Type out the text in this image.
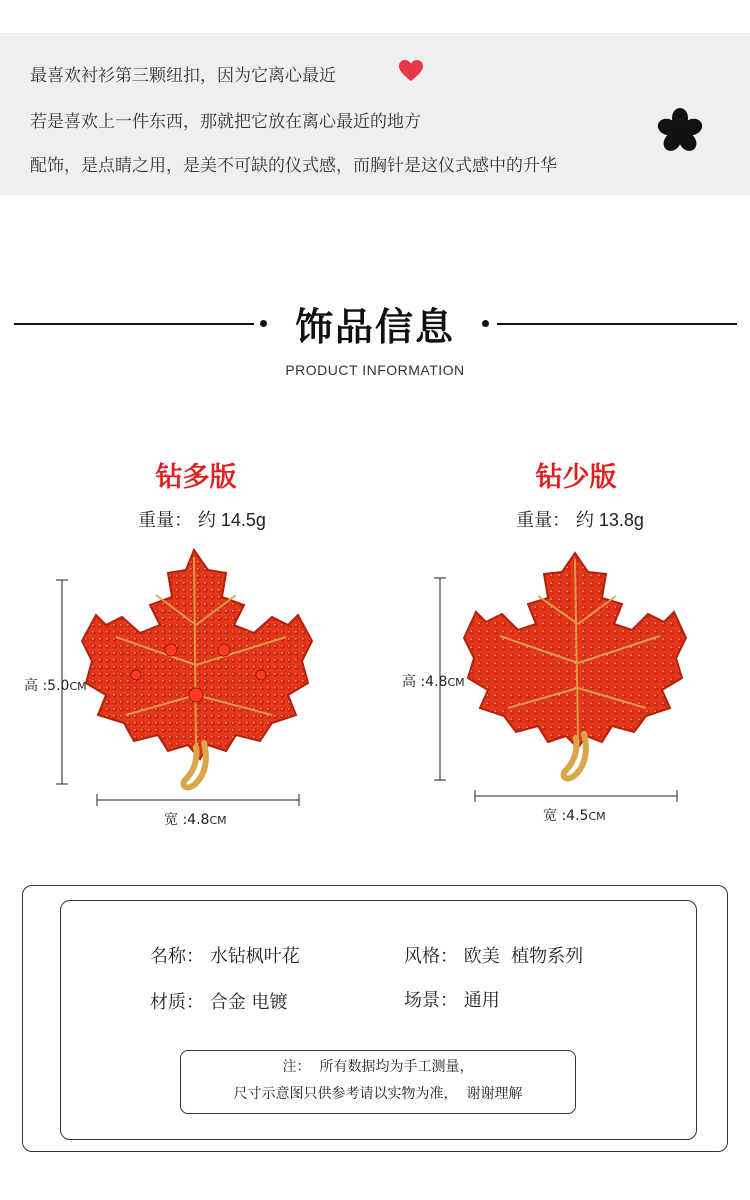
最喜欢衬衫第三颗纽扣，因为它离心最近
若是喜欢上一件东西，那就把它放在离心最近的地方
配饰，是点睛之用，是美不可缺的仪式感，而胸针是这仪式感中的升华
饰品信息
PRODUCT INFORMATION
钻多版
重量： 约 14.5g
高 :5.0CM
宽 :4.8CM
钻少版
重量： 约 13.8g
高 :4.8CM
宽 :4.5CM
名称： 水钻枫叶花	风格： 欧美  植物系列
材质： 合金 电镀	场景： 通用
注：  所有数据均为手工测量，
尺寸示意图只供参考请以实物为准，  谢谢理解
